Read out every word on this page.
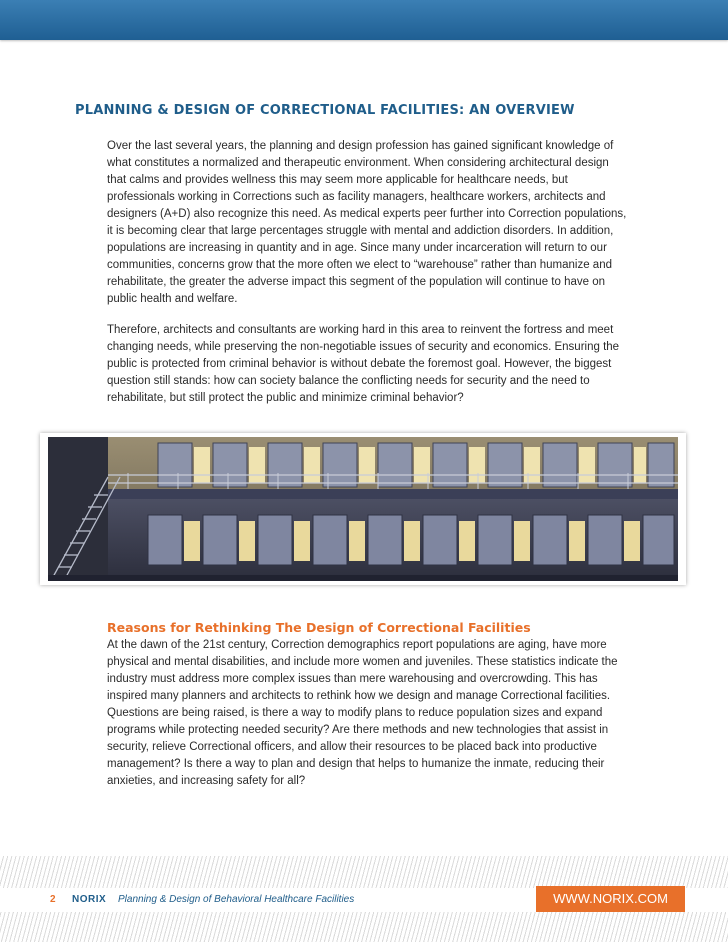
PLANNING & DESIGN OF CORRECTIONAL FACILITIES: AN OVERVIEW

Over the last several years, the planning and design profession has gained significant knowledge of what constitutes a normalized and therapeutic environment. When considering architectural design that calms and provides wellness this may seem more applicable for healthcare needs, but professionals working in Corrections such as facility managers, healthcare workers, architects and designers (A+D) also recognize this need. As medical experts peer further into Correction populations, it is becoming clear that large percentages struggle with mental and addiction disorders. In addition, populations are increasing in quantity and in age. Since many under incarceration will return to our communities, concerns grow that the more often we elect to “warehouse” rather than humanize and rehabilitate, the greater the adverse impact this segment of the population will continue to have on public health and welfare.

Therefore, architects and consultants are working hard in this area to reinvent the fortress and meet changing needs, while preserving the non-negotiable issues of security and economics. Ensuring the public is protected from criminal behavior is without debate the foremost goal. However, the biggest question still stands: how can society balance the conflicting needs for security and the need to rehabilitate, but still protect the public and minimize criminal behavior?

Reasons for Rethinking The Design of Correctional Facilities

At the dawn of the 21st century, Correction demographics report populations are aging, have more physical and mental disabilities, and include more women and juveniles. These statistics indicate the industry must address more complex issues than mere warehousing and overcrowding. This has inspired many planners and architects to rethink how we design and manage Correctional facilities. Questions are being raised, is there a way to modify plans to reduce population sizes and expand programs while protecting needed security? Are there methods and new technologies that assist in security, relieve Correctional officers, and allow their resources to be placed back into productive management? Is there a way to plan and design that helps to humanize the inmate, reducing their anxieties, and increasing safety for all?

2 NORIX Planning & Design of Behavioral Healthcare Facilities	WWW.NORIX.COM
